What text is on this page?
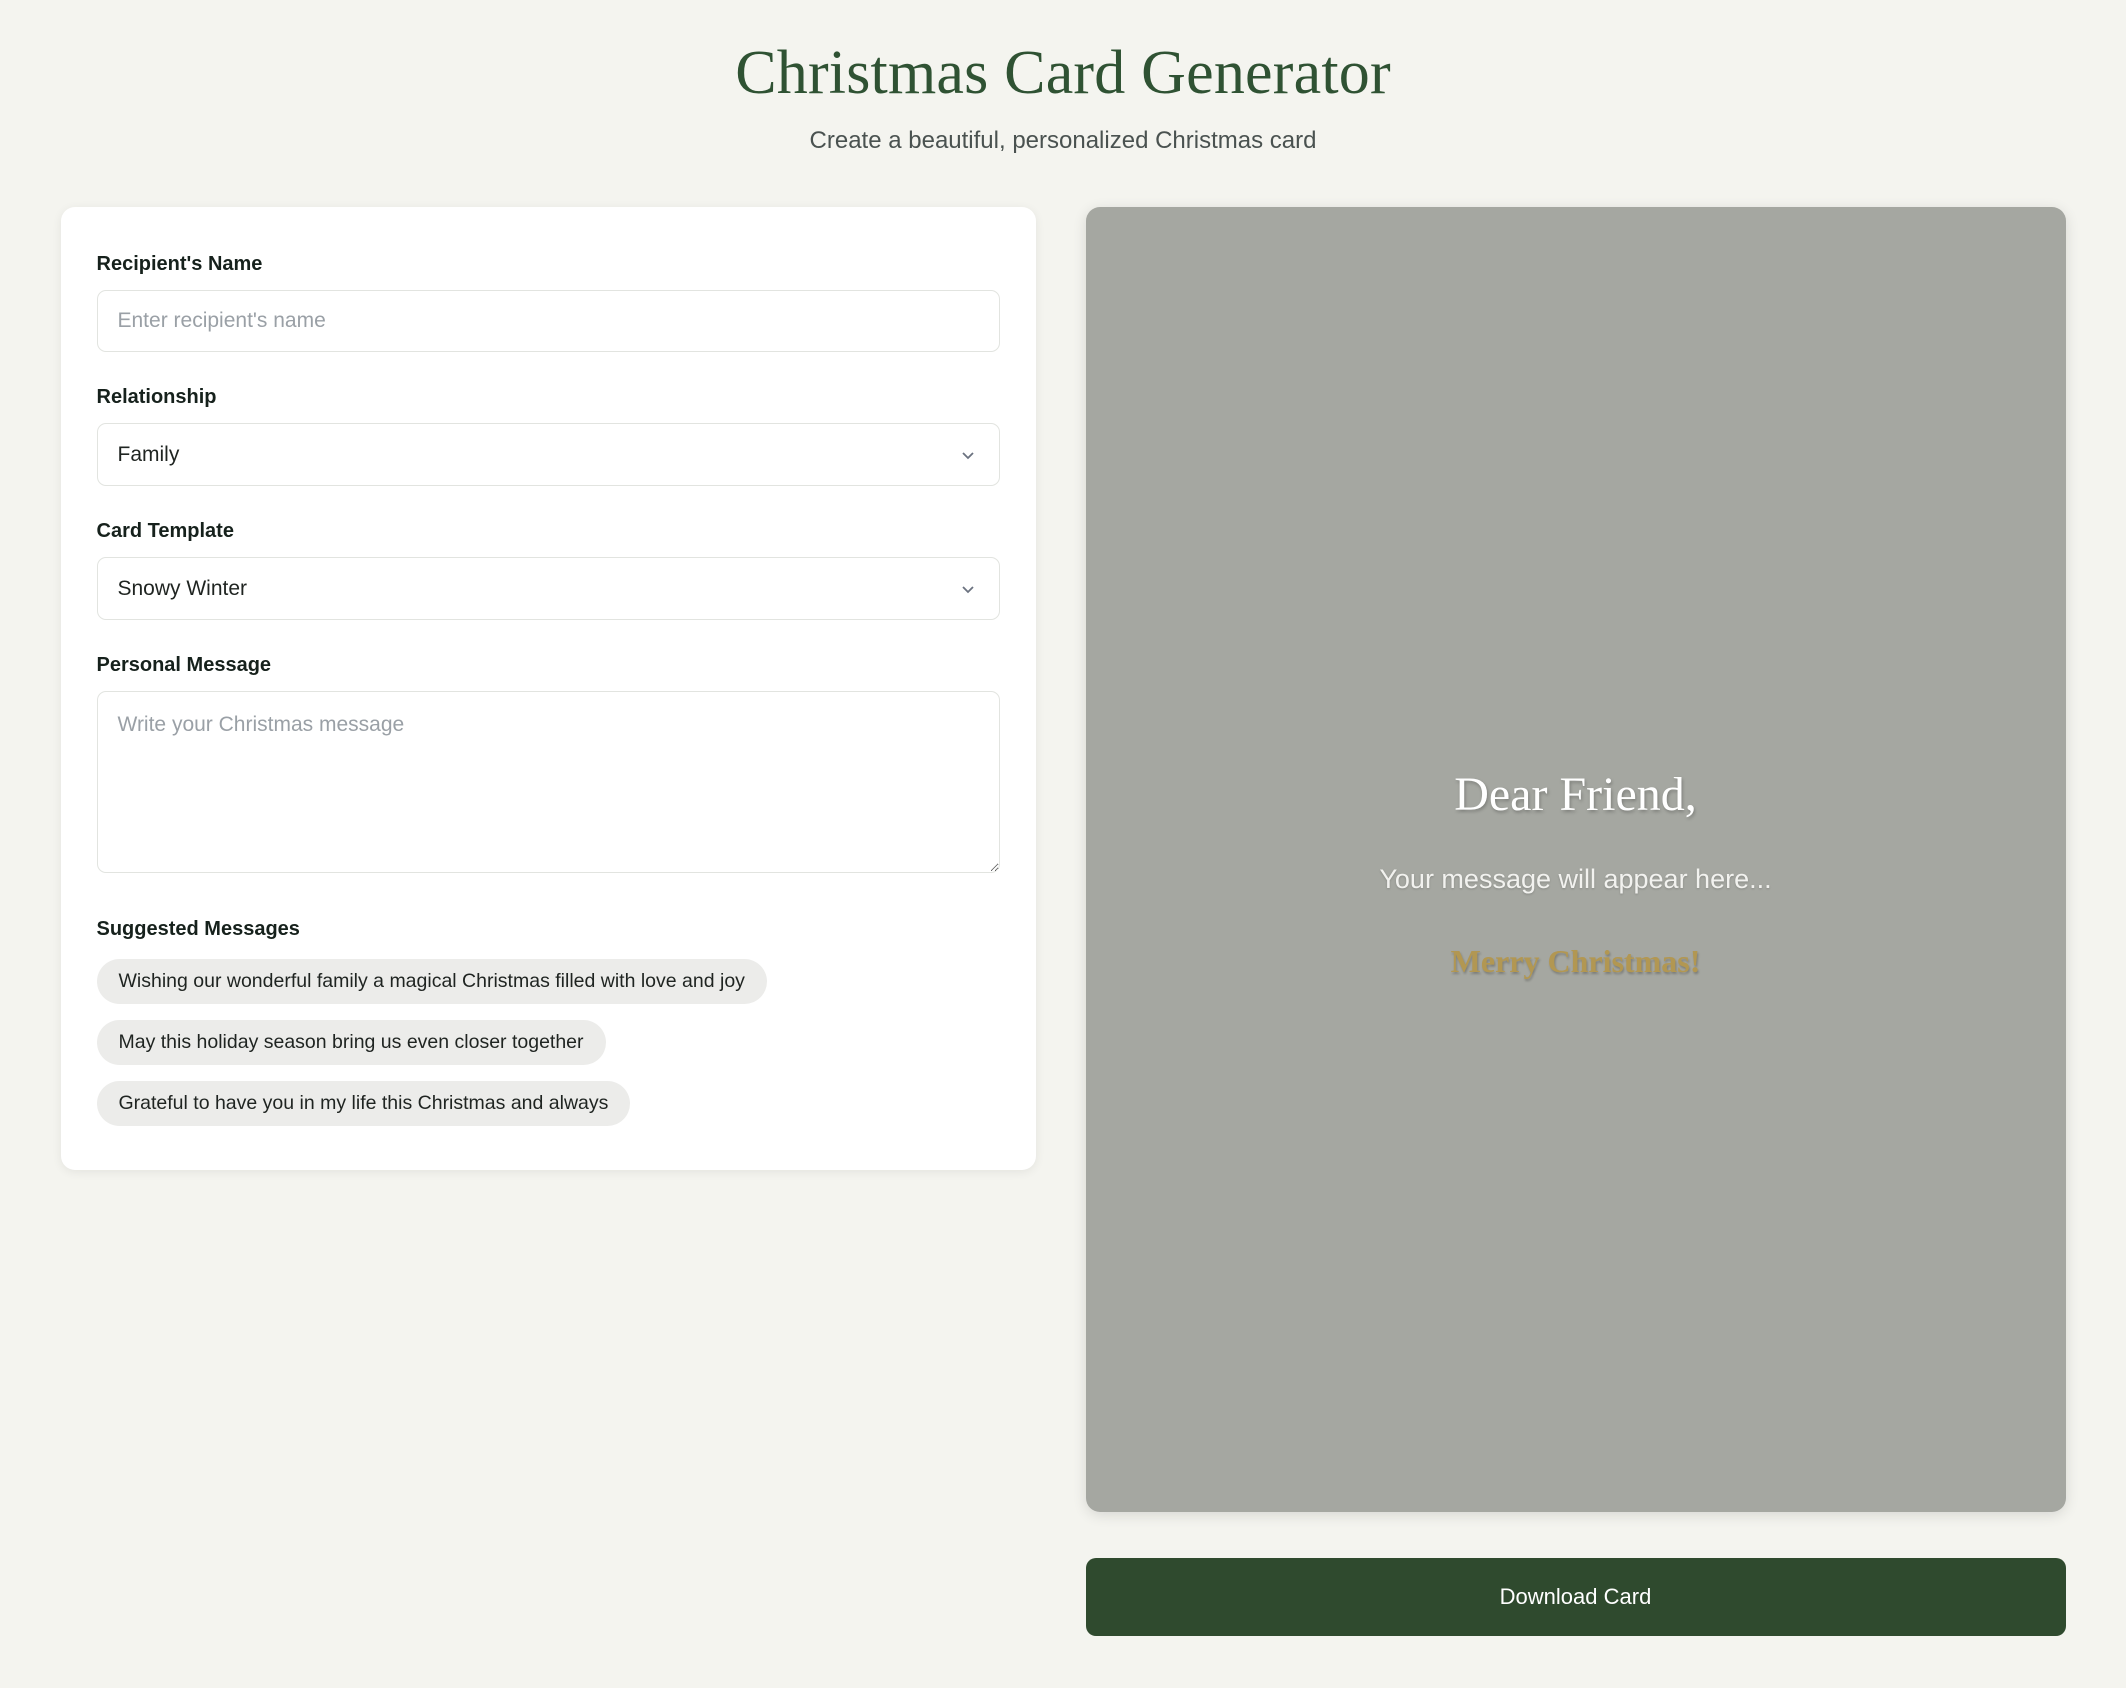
Christmas Card Generator

Create a beautiful, personalized Christmas card

Recipient's Name
Enter recipient's name
Relationship
Family
Card Template
Snowy Winter
Personal Message
Write your Christmas message
Suggested Messages
Wishing our wonderful family a magical Christmas filled with love and joy
May this holiday season bring us even closer together
Grateful to have you in my life this Christmas and always

Dear Friend,

Your message will appear here...

Merry Christmas!

Download Card
